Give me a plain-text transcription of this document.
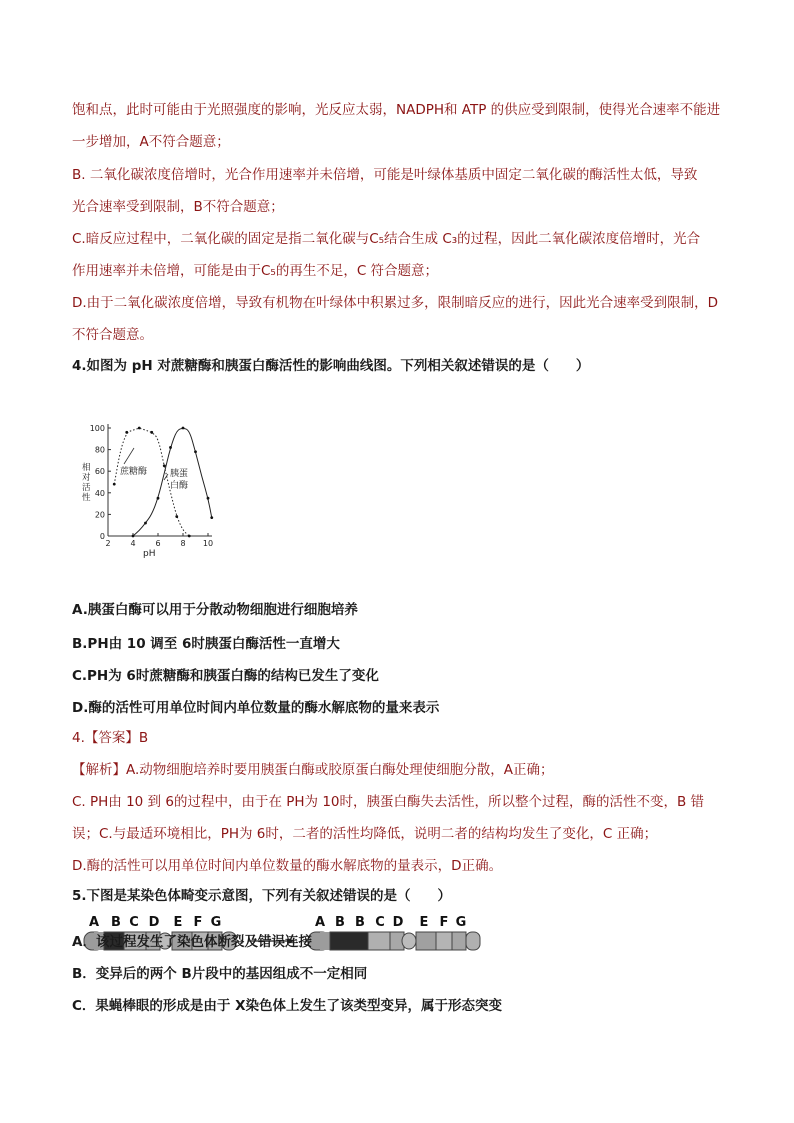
饱和点，此时可能由于光照强度的影响，光反应太弱，NADPH和 ATP 的供应受到限制，使得光合速率不能进
一步增加，A不符合题意；
B. 二氧化碳浓度倍增时，光合作用速率并未倍增，可能是叶绿体基质中固定二氧化碳的酶活性太低，导致
光合速率受到限制，B不符合题意；
C.暗反应过程中，二氧化碳的固定是指二氧化碳与C₅结合生成 C₃的过程，因此二氧化碳浓度倍增时，光合
作用速率并未倍增，可能是由于C₅的再生不足，C 符合题意；
D.由于二氧化碳浓度倍增，导致有机物在叶绿体中积累过多，限制暗反应的进行，因此光合速率受到限制，D
不符合题意。
4.如图为 pH 对蔗糖酶和胰蛋白酶活性的影响曲线图。下列相关叙述错误的是（　　）
0
20
40
60
80
100
2 4 6 8 10
pH
相对活性
蔗糖酶	胰蛋白酶
A.胰蛋白酶可以用于分散动物细胞进行细胞培养
B.PH由 10 调至 6时胰蛋白酶活性一直增大
C.PH为 6时蔗糖酶和胰蛋白酶的结构已发生了变化
D.酶的活性可用单位时间内单位数量的酶水解底物的量来表示
4.【答案】B
【解析】A.动物细胞培养时要用胰蛋白酶或胶原蛋白酶处理使细胞分散，A正确；
C. PH由 10 到 6的过程中，由于在 PH为 10时，胰蛋白酶失去活性，所以整个过程，酶的活性不变，B 错
误；C.与最适环境相比，PH为 6时，二者的活性均降低，说明二者的结构均发生了变化，C 正确；
D.酶的活性可以用单位时间内单位数量的酶水解底物的量表示，D正确。
5.下图是某染色体畸变示意图，下列有关叙述错误的是（　　）
A B C D E F G	A B B C D E F G
A．该过程发生了染色体断裂及错误连接
B．变异后的两个 B片段中的基因组成不一定相同
C．果蝇棒眼的形成是由于 X染色体上发生了该类型变异，属于形态突变
